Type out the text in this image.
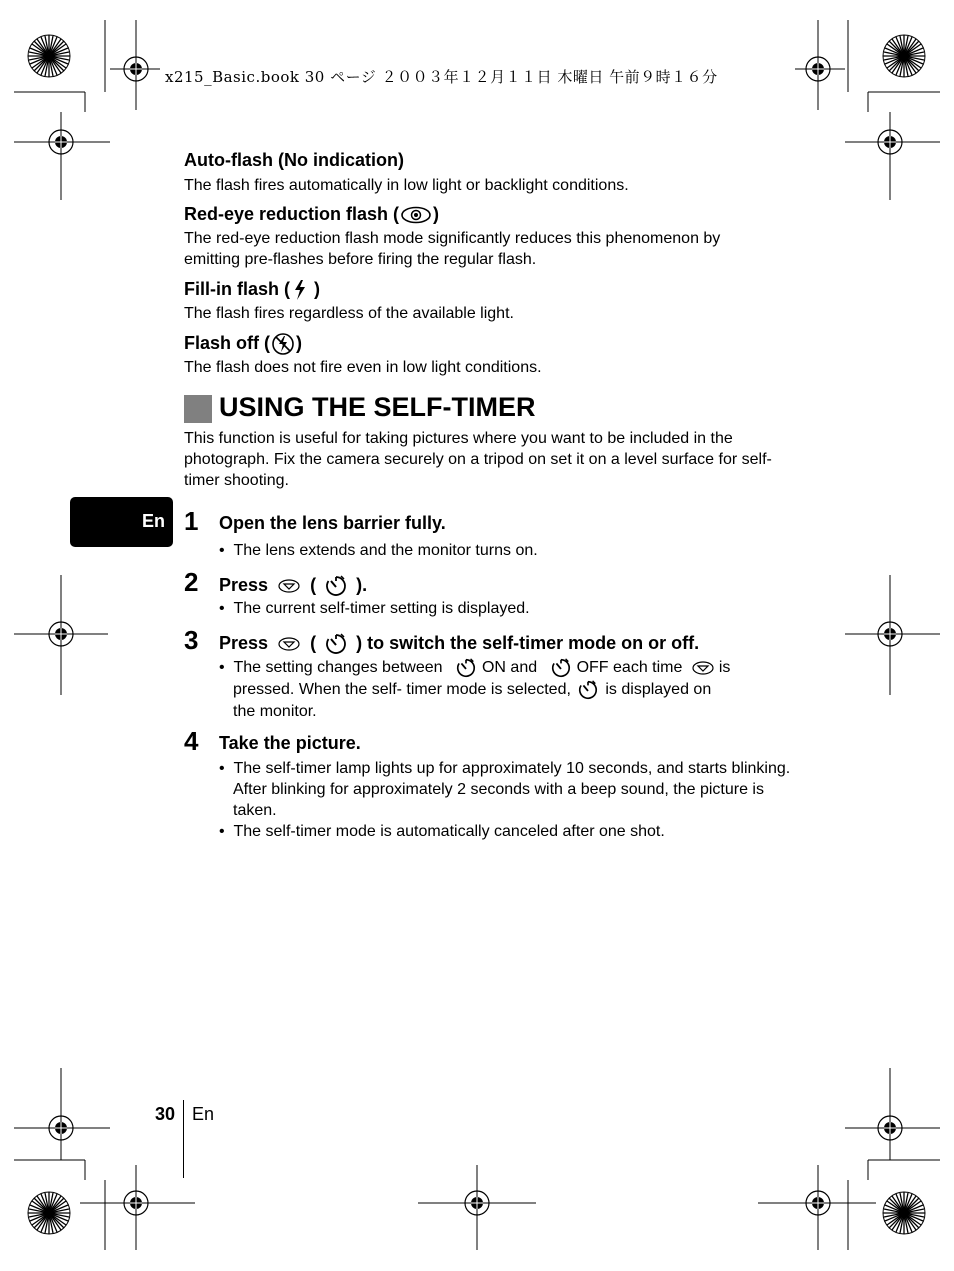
x215_Basic.book 30 ページ ２００３年１２月１１日 木曜日 午前９時１６分
Auto-flash (No indication)
The flash fires automatically in low light or backlight conditions.
Red-eye reduction flash ( )
The red-eye reduction flash mode significantly reduces this phenomenon by emitting pre-flashes before firing the regular flash.
Fill-in flash ( )
The flash fires regardless of the available light.
Flash off ( )
The flash does not fire even in low light conditions.
USING THE SELF-TIMER
This function is useful for taking pictures where you want to be included in the photograph. Fix the camera securely on a tripod on set it on a level surface for self-timer shooting.
En 1 Open the lens barrier fully.
•  The lens extends and the monitor turns on.
2 Press ( ).
•  The current self-timer setting is displayed.
3 Press ( ) to switch the self-timer mode on or off.
•  The setting changes between ON and OFF each time is
pressed. When the self- timer mode is selected, is displayed on
the monitor.
4 Take the picture.
•  The self-timer lamp lights up for approximately 10 seconds, and starts blinking. After blinking for approximately 2 seconds with a beep sound, the picture is taken.
•  The self-timer mode is automatically canceled after one shot.
30 En
